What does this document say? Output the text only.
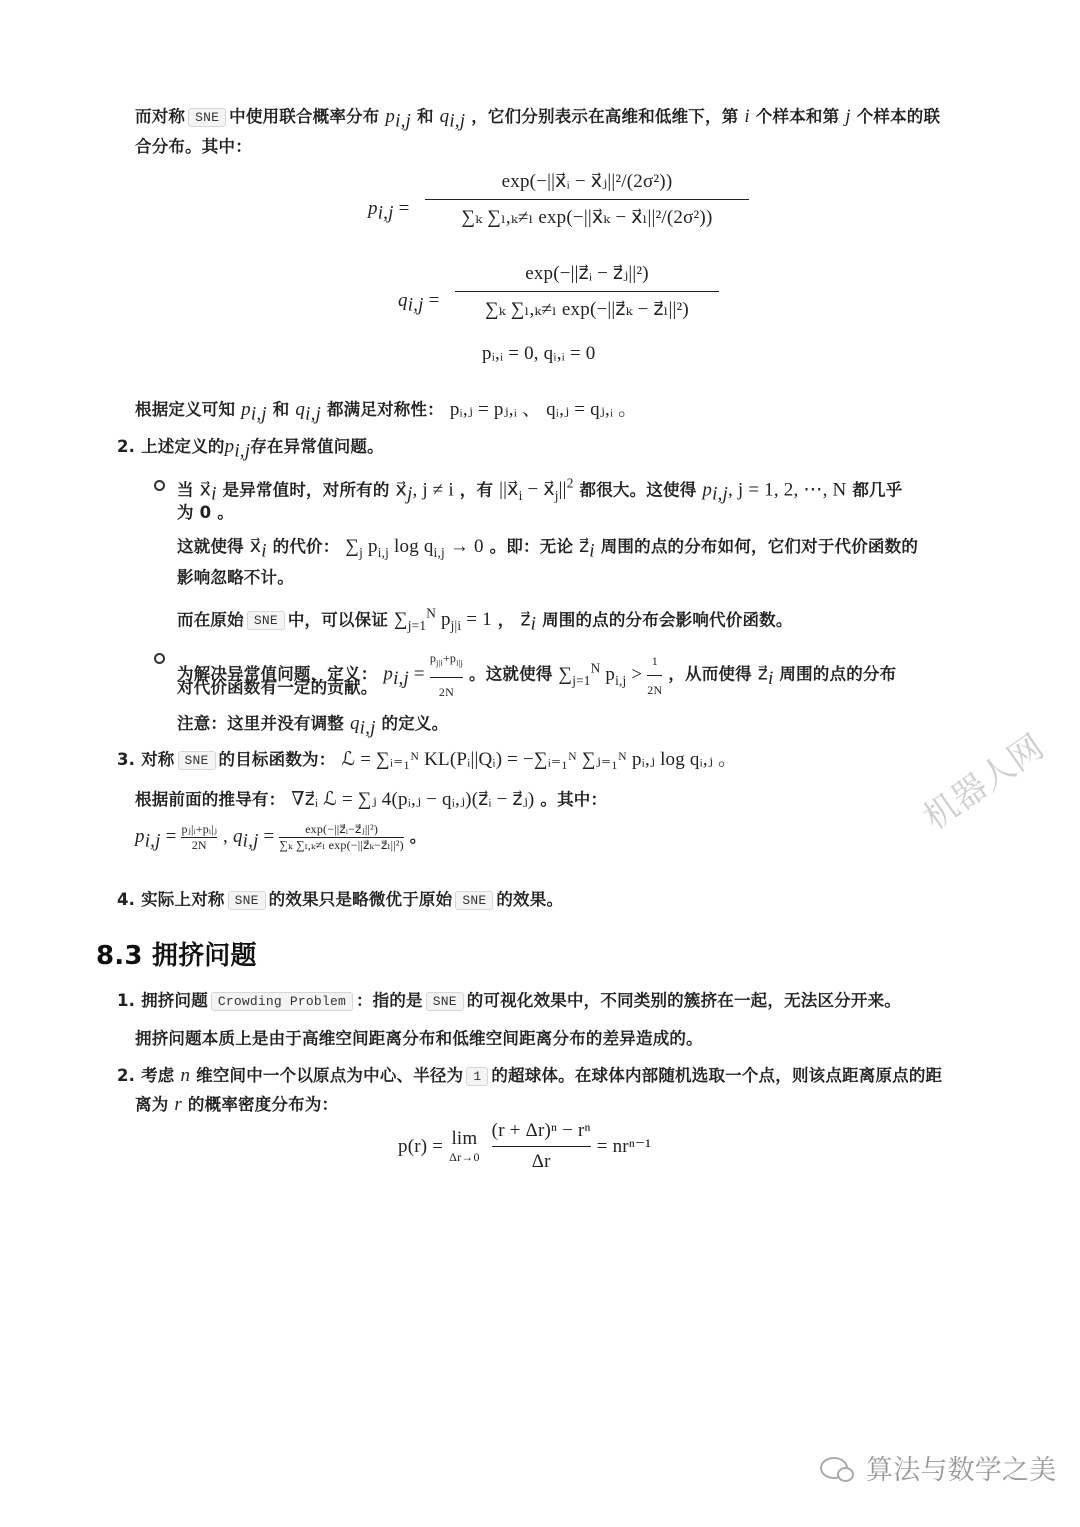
而对称 SNE 中使用联合概率分布 $p_{i,j}$ 和 $q_{i,j}$ ，它们分别表示在高维和低维下，第 i 个样本和第 j 个样本的联
合分布。其中：
$p_{i,j}$ =
exp(−||x⃗ᵢ − x⃗ⱼ||²/(2σ²))
∑ₖ ∑ₗ,ₖ≠ₗ exp(−||x⃗ₖ − x⃗ₗ||²/(2σ²))
$q_{i,j}$ =
exp(−||z⃗ᵢ − z⃗ⱼ||²)
∑ₖ ∑ₗ,ₖ≠ₗ exp(−||z⃗ₖ − z⃗ₗ||²)
pᵢ,ᵢ = 0, qᵢ,ᵢ = 0
根据定义可知 $p_{i,j}$ 和 $q_{i,j}$ 都满足对称性： pᵢ,ⱼ = pⱼ,ᵢ 、 qᵢ,ⱼ = qⱼ,ᵢ 。
2. 上述定义的$p_{i,j}$存在异常值问题。
当 $x⃗_i$ 是异常值时，对所有的 $x⃗_j$, j ≠ i ，有 $||x⃗_i$ − $x⃗_j||^2$ 都很大。这使得 $p_{i,j}$, j = 1, 2, ⋯, N 都几乎
为 0 。
这就使得 $x⃗_i$ 的代价： $\sum_j$ $p_{i,j}$ $\log q_{i,j} \to 0$ 。即：无论 $z⃗_i$ 周围的点的分布如何，它们对于代价函数的
影响忽略不计。
而在原始 SNE 中，可以保证 $\sum_{j=1}^N$ $p_{j|i} = 1$ ， $z⃗_i$ 周围的点的分布会影响代价函数。
为解决异常值问题，定义： $p_{i,j} = \frac{p_{j|i}+p_{i|j}}{2N}$ 。这就使得 $\sum_{j=1}^N$ $p_{i,j} > \frac{1}{2N}$ ，从而使得 $z⃗_i$ 周围的点的分布
对代价函数有一定的贡献。
注意：这里并没有调整 $q_{i,j}$ 的定义。
3. 对称 SNE 的目标函数为： ℒ = ∑ᵢ₌₁ᴺ KL(Pᵢ||Qᵢ) = −∑ᵢ₌₁ᴺ ∑ⱼ₌₁ᴺ pᵢ,ⱼ log qᵢ,ⱼ 。
根据前面的推导有： ∇z⃗ᵢ ℒ = ∑ⱼ 4(pᵢ,ⱼ − qᵢ,ⱼ)(z⃗ᵢ − z⃗ⱼ) 。其中：
$p_{i,j} = \frac{\text{pⱼ|ᵢ+pᵢ|ⱼ}}{2N}$ , $q_{i,j} = \frac{\text{exp(−||z⃗ᵢ−z⃗ⱼ||²)}}{\text{∑ₖ ∑ₗ,ₖ≠ₗ exp(−||z⃗ₖ−z⃗ₗ||²)}}$ 。
4. 实际上对称 SNE 的效果只是略微优于原始 SNE 的效果。
8.3 拥挤问题
1. 拥挤问题 Crowding Problem ：指的是 SNE 的可视化效果中，不同类别的簇挤在一起，无法区分开来。
拥挤问题本质上是由于高维空间距离分布和低维空间距离分布的差异造成的。
2. 考虑 n 维空间中一个以原点为中心、半径为 1 的超球体。在球体内部随机选取一个点，则该点距离原点的距
离为 r 的概率密度分布为：
p(r) = lim
$\Delta r\to 0 \frac{\text{(r + Δr)ⁿ − rⁿ}}{\Delta r} = nr^{n-1}$
机器人网
算法与数学之美
